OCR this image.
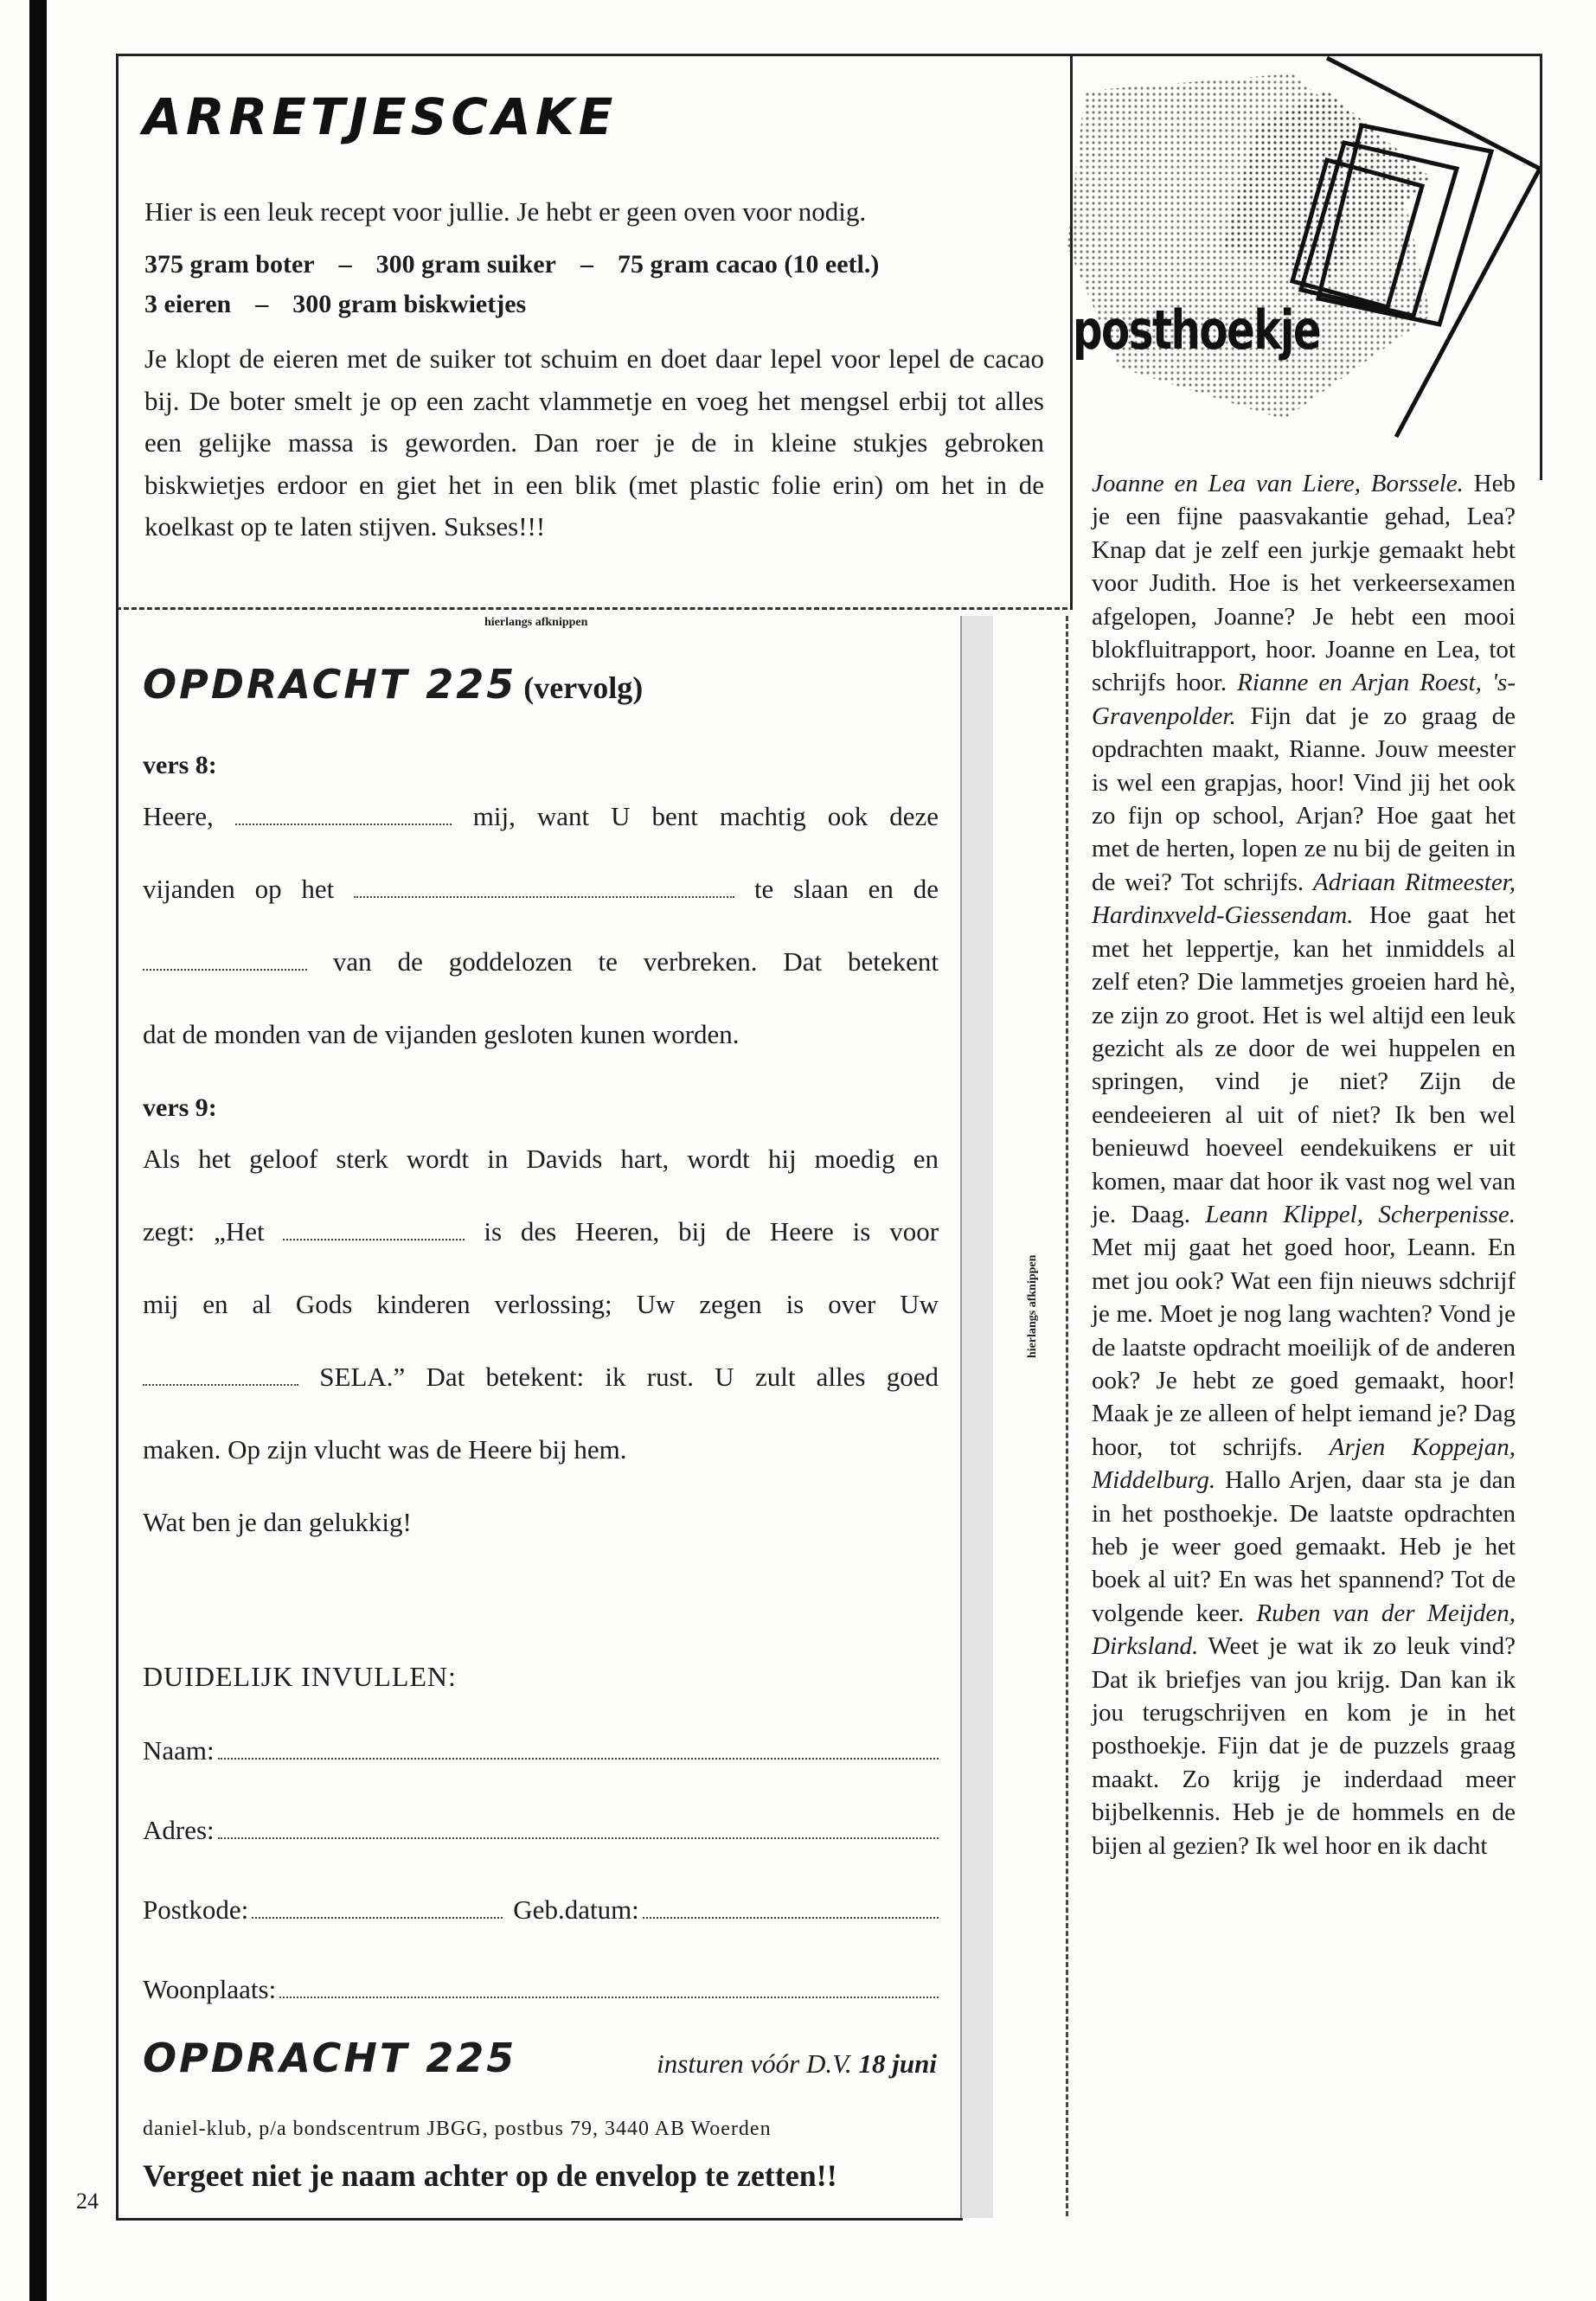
24
ARRETJESCAKE
Hier is een leuk recept voor jullie. Je hebt er geen oven voor nodig.
375 gram boter – 300 gram suiker – 75 gram cacao (10 eetl.)
3 eieren – 300 gram biskwietjes
Je klopt de eieren met de suiker tot schuim en doet daar lepel voor lepel de cacao bij. De boter smelt je op een zacht vlammetje en voeg het mengsel erbij tot alles een gelijke massa is geworden. Dan roer je de in kleine stukjes gebroken biskwietjes erdoor en giet het in een blik (met plastic folie erin) om het in de koelkast op te laten stijven. Sukses!!!
hierlangs afknippen
OPDRACHT 225 (vervolg)
vers 8:
Heere,	mij, want U bent machtig ook deze
vijanden op het	te slaan en de
van de goddelozen te verbreken. Dat betekent
dat de monden van de vijanden gesloten kunen worden.
vers 9:
Als het geloof sterk wordt in Davids hart, wordt hij moedig en
zegt: „Het	is des Heeren, bij de Heere is voor
mij en al Gods kinderen verlossing; Uw zegen is over Uw
SELA.” Dat betekent: ik rust. U zult alles goed
maken. Op zijn vlucht was de Heere bij hem.
Wat ben je dan gelukkig!
DUIDELIJK INVULLEN:
Naam:
Adres:
Postkode:	Geb.datum:
Woonplaats:
OPDRACHT 225	insturen vóór D.V. 18 juni
daniel-klub, p/a bondscentrum JBGG, postbus 79, 3440 AB Woerden
Vergeet niet je naam achter op de envelop te zetten!!
hierlangs afknippen
posthoekje
Joanne en Lea van Liere, Borssele. Heb je een fijne paasvakantie gehad, Lea? Knap dat je zelf een jurkje gemaakt hebt voor Judith. Hoe is het verkeersexamen afgelopen, Joanne? Je hebt een mooi blokfluitrapport, hoor. Joanne en Lea, tot schrijfs hoor. Rianne en Arjan Roest, 's-Gravenpolder. Fijn dat je zo graag de opdrachten maakt, Rianne. Jouw meester is wel een grapjas, hoor! Vind jij het ook zo fijn op school, Arjan? Hoe gaat het met de herten, lopen ze nu bij de geiten in de wei? Tot schrijfs. Adriaan Ritmeester, Hardinxveld-Giessendam. Hoe gaat het met het leppertje, kan het inmiddels al zelf eten? Die lammetjes groeien hard hè, ze zijn zo groot. Het is wel altijd een leuk gezicht als ze door de wei huppelen en springen, vind je niet? Zijn de eendeeieren al uit of niet? Ik ben wel benieuwd hoeveel eendekuikens er uit komen, maar dat hoor ik vast nog wel van je. Daag. Leann Klippel, Scherpenisse. Met mij gaat het goed hoor, Leann. En met jou ook? Wat een fijn nieuws sdchrijf je me. Moet je nog lang wachten? Vond je de laatste opdracht moeilijk of de anderen ook? Je hebt ze goed gemaakt, hoor! Maak je ze alleen of helpt iemand je? Dag hoor, tot schrijfs. Arjen Koppejan, Middelburg. Hallo Arjen, daar sta je dan in het posthoekje. De laatste opdrachten heb je weer goed gemaakt. Heb je het boek al uit? En was het spannend? Tot de volgende keer. Ruben van der Meijden, Dirksland. Weet je wat ik zo leuk vind? Dat ik briefjes van jou krijg. Dan kan ik jou terugschrijven en kom je in het posthoekje. Fijn dat je de puzzels graag maakt. Zo krijg je inderdaad meer bijbelkennis. Heb je de hommels en de bijen al gezien? Ik wel hoor en ik dacht
